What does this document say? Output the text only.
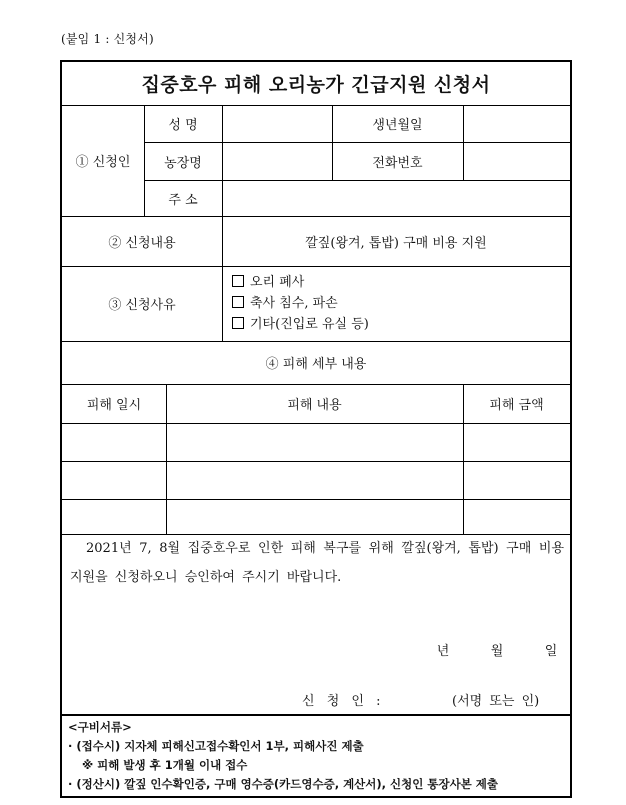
(붙임 1 : 신청서)
집중호우 피해 오리농가 긴급지원 신청서
① 신청인
성 명	생년월일
농장명	전화번호
주 소
② 신청내용	깔짚(왕겨, 톱밥) 구매 비용 지원
③ 신청사유
오리 폐사
축사 침수, 파손
기타(진입로 유실 등)
④ 피해 세부 내용
피해 일시	피해 내용	피해 금액
2021년 7, 8월 집중호우로 인한 피해 복구를 위해 깔짚(왕겨, 톱밥) 구매 비용 지원을 신청하오니 승인하여 주시기 바랍니다.
년	월	일
신 청 인 :	(서명 또는 인)
<구비서류>
· (접수시) 지자체 피해신고접수확인서 1부, 피해사진 제출
※ 피해 발생 후 1개월 이내 접수
· (정산시) 깔짚 인수확인증, 구매 영수증(카드영수증, 계산서), 신청인 통장사본 제출
